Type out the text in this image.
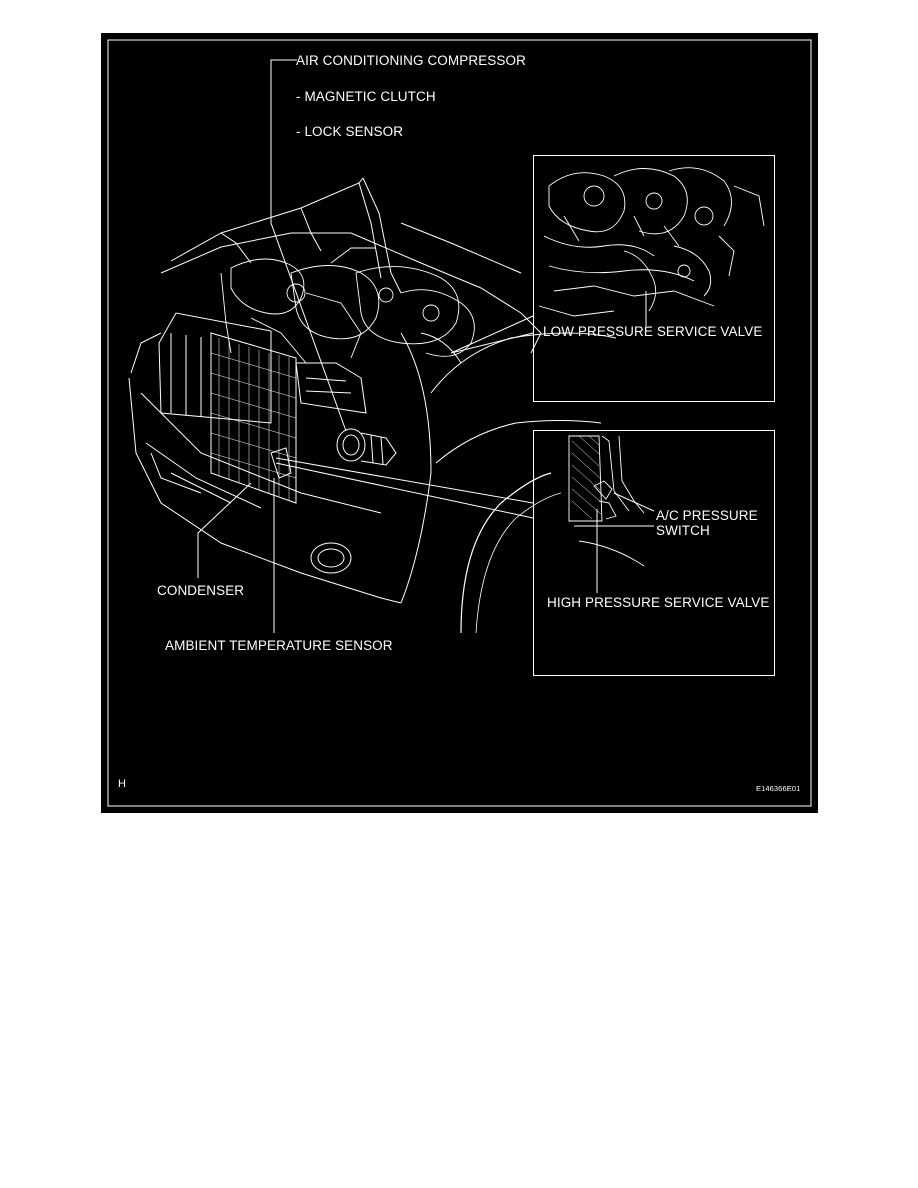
AIR CONDITIONING COMPRESSOR
- MAGNETIC CLUTCH
- LOCK SENSOR
LOW PRESSURE SERVICE VALVE
A/C PRESSURE
SWITCH
HIGH PRESSURE SERVICE VALVE
CONDENSER
AMBIENT TEMPERATURE SENSOR
H	E146366E01
